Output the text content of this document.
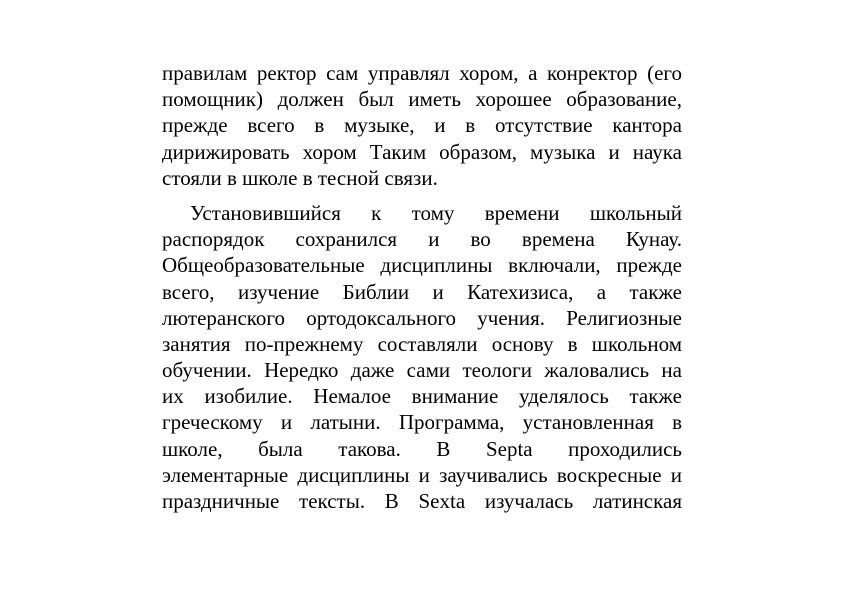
правилам ректор сам управлял хором, а конректор (его
помощник) должен был иметь хорошее образование,
прежде всего в музыке, и в отсутствие кантора
дирижировать хором Таким образом, музыка и наука
стояли в школе в тесной связи.
Установившийся к тому времени школьный
распорядок сохранился и во времена Кунау.
Общеобразовательные дисциплины включали, прежде
всего, изучение Библии и Катехизиса, а также
лютеранского ортодоксального учения. Религиозные
занятия по-прежнему составляли основу в школьном
обучении. Нередко даже сами теологи жаловались на
их изобилие. Немалое внимание уделялось также
греческому и латыни. Программа, установленная в
школе, была такова. В Septa проходились
элементарные дисциплины и заучивались воскресные и
праздничные тексты. В Sexta изучалась латинская
